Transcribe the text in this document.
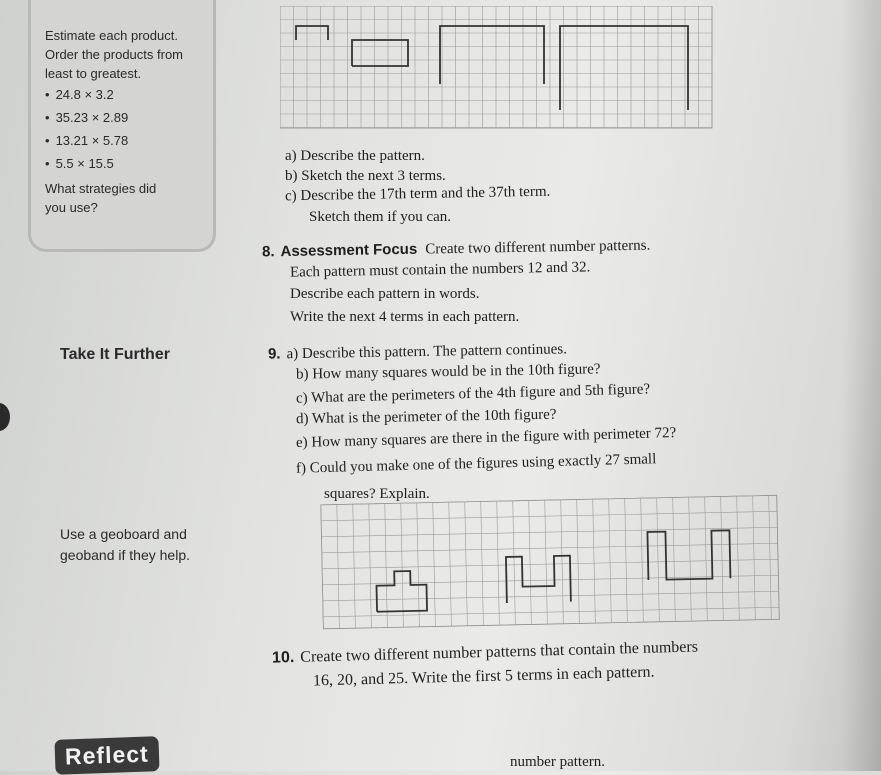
Estimate each product.
Order the products from
least to greatest.
• 24.8 × 3.2
• 35.23 × 2.89
• 13.21 × 5.78
• 5.5 × 15.5
What strategies did
you use?
Take It Further
Use a geoboard and
geoband if they help.
Reflect
a) Describe the pattern.
b) Sketch the next 3 terms.
c) Describe the 17th term and the 37th term.
Sketch them if you can.
8. Assessment Focus Create two different number patterns.
Each pattern must contain the numbers 12 and 32.
Describe each pattern in words.
Write the next 4 terms in each pattern.
9. a) Describe this pattern. The pattern continues.
b) How many squares would be in the 10th figure?
c) What are the perimeters of the 4th figure and 5th figure?
d) What is the perimeter of the 10th figure?
e) How many squares are there in the figure with perimeter 72?
f) Could you make one of the figures using exactly 27 small
squares? Explain.
10. Create two different number patterns that contain the numbers
16, 20, and 25. Write the first 5 terms in each pattern.
number pattern.
